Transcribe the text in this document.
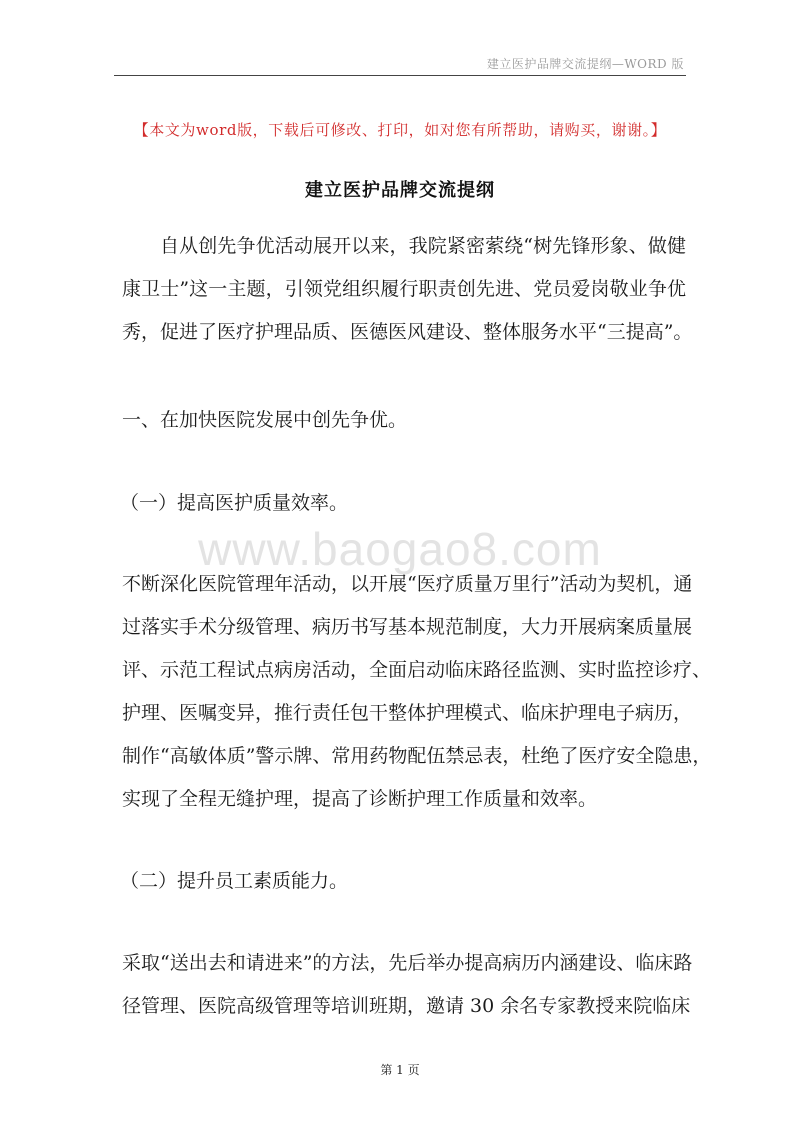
建立医护品牌交流提纲—WORD 版
【本文为word版，下载后可修改、打印，如对您有所帮助，请购买，谢谢。】
建立医护品牌交流提纲
自从创先争优活动展开以来，我院紧密萦绕“树先锋形象、做健
康卫士”这一主题，引领党组织履行职责创先进、党员爱岗敬业争优
秀，促进了医疗护理品质、医德医风建设、整体服务水平“三提高”。
一、在加快医院发展中创先争优。
（一）提高医护质量效率。
www.baogao8.com
不断深化医院管理年活动，以开展“医疗质量万里行”活动为契机，通
过落实手术分级管理、病历书写基本规范制度，大力开展病案质量展
评、示范工程试点病房活动，全面启动临床路径监测、实时监控诊疗、
护理、医嘱变异，推行责任包干整体护理模式、临床护理电子病历，
制作“高敏体质”警示牌、常用药物配伍禁忌表，杜绝了医疗安全隐患，
实现了全程无缝护理，提高了诊断护理工作质量和效率。
（二）提升员工素质能力。
采取“送出去和请进来”的方法，先后举办提高病历内涵建设、临床路
径管理、医院高级管理等培训班期，邀请 30 余名专家教授来院临床
第 1 页
